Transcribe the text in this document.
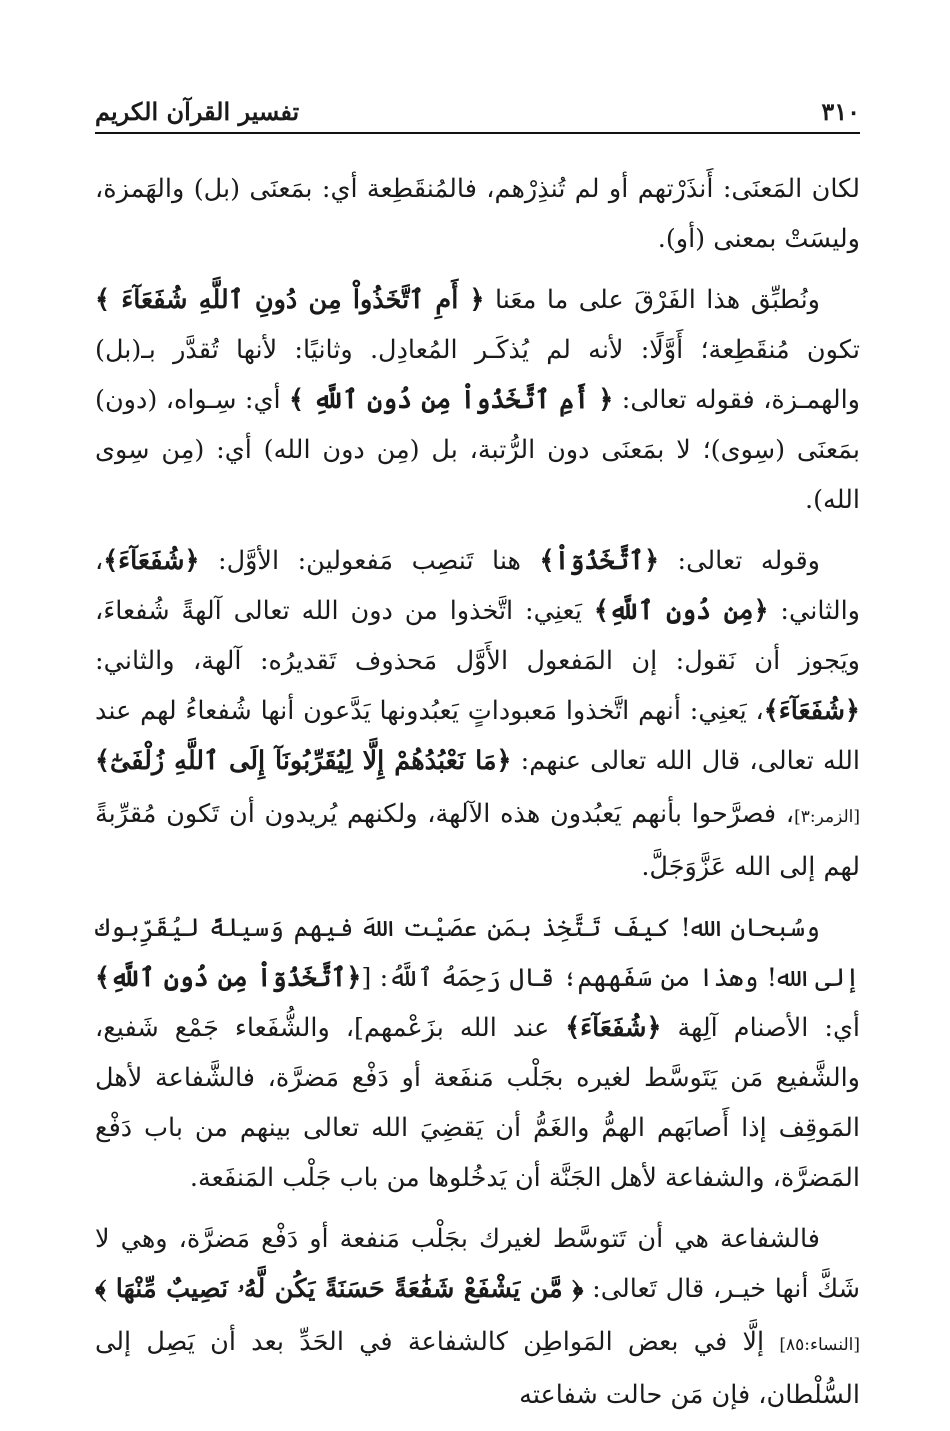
٣١٠
تفسير القرآن الكريم

لكان المَعنَى: أَنذَرْتهم أو لم تُنذِرْهم، فالمُنقَطِعة أي: بمَعنَى (بل) والهَمزة، وليسَتْ بمعنى (أو).

ونُطبِّق هذا الفَرْقَ على ما معَنا ﴿ أَمِ ٱتَّخَذُواْ مِن دُونِ ٱللَّهِ شُفَعَآءَ ﴾ تكون مُنقَطِعة؛ أَوَّلًا: لأنه لم يُذكَـر المُعادِل. وثانيًا: لأنها تُقدَّر بـ(بل) والهمـزة، فقوله تعالى: ﴿ أَمِ ٱتَّخَذُواْ مِن دُونِ ٱللَّهِ ﴾ أي: سِـواه، (دون) بمَعنَى (سِوى)؛ لا بمَعنَى دون الرُّتبة، بل (مِن دون الله) أي: (مِن سِوى الله).

وقوله تعالى: ﴿ٱتَّخَذُوٓاْ﴾ هنا تَنصِب مَفعولين: الأوَّل: ﴿شُفَعَآءَ﴾، والثاني: ﴿مِن دُونِ ٱللَّهِ﴾ يَعنِي: اتَّخذوا من دون الله تعالى آلهةً شُفعاءَ، ويَجوز أن نَقول: إن المَفعول الأَوَّل مَحذوف تَقديرُه: آلهة، والثاني: ﴿شُفَعَآءَ﴾، يَعنِي: أنهم اتَّخذوا مَعبوداتٍ يَعبُدونها يَدَّعون أنها شُفعاءُ لهم عند الله تعالى، قال الله تعالى عنهم: ﴿مَا نَعْبُدُهُمْ إِلَّا لِيُقَرِّبُونَآ إِلَى ٱللَّهِ زُلْفَىٰٓ﴾ [الزمر:٣]، فصرَّحوا بأنهم يَعبُدون هذه الآلهة، ولكنهم يُريدون أن تَكون مُقرِّبةً لهم إلى الله عَزَّوَجَلَّ.

وسُبحان الله! كيفَ تَتَّخِذ بمَن عصَيْت اللهَ فيهم وَسيلةً ليُقَرِّبوك إلى الله! وهذا من سَفَههم؛ قال رَحِمَهُ ٱللَّهُ: [﴿ٱتَّخَذُوٓاْ مِن دُونِ ٱللَّهِ﴾ أي: الأصنام آلِهة ﴿شُفَعَآءَ﴾ عند الله بزَعْمهم]، والشُّفَعاء جَمْع شَفيع، والشَّفيع مَن يَتَوسَّط لغيره بجَلْب مَنفَعة أو دَفْع مَضرَّة، فالشَّفاعة لأهل المَوقِف إذا أَصابَهم الهمُّ والغَمُّ أن يَقضِيَ الله تعالى بينهم من باب دَفْع المَضرَّة، والشفاعة لأهل الجَنَّة أن يَدخُلوها من باب جَلْب المَنفَعة.

فالشفاعة هي أن تَتوسَّط لغيرك بجَلْب مَنفعة أو دَفْع مَضرَّة، وهي لا شَكَّ أنها خيـر، قال تَعالى: ﴿ مَّن يَشْفَعْ شَفَٰعَةً حَسَنَةً يَكُن لَّهُۥ نَصِيبٌ مِّنْهَا ﴾ [النساء:٨٥] إلَّا في بعض المَواطِن كالشفاعة في الحَدِّ بعد أن يَصِل إلى السُّلْطان، فإن مَن حالت شفاعته
